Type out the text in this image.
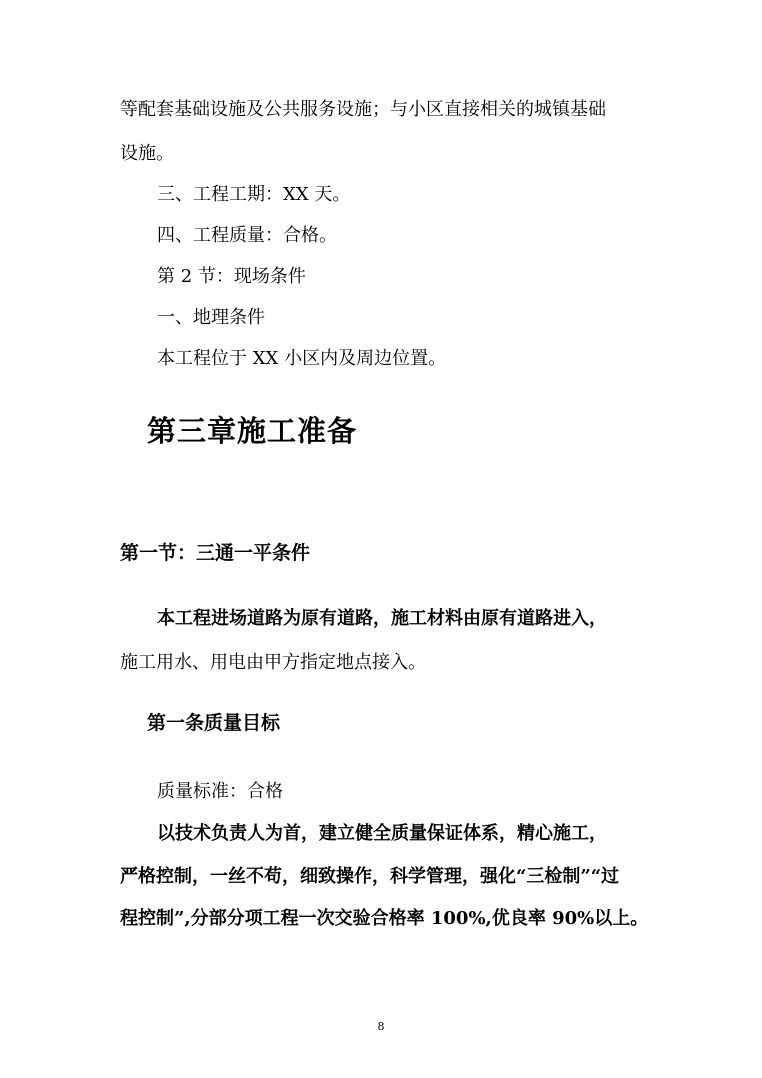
等配套基础设施及公共服务设施；与小区直接相关的城镇基础
设施。
三、工程工期：XX 天。
四、工程质量：合格。
第 2 节：现场条件
一、地理条件
本工程位于 XX 小区内及周边位置。
第三章施工准备
第一节：三通一平条件
本工程进场道路为原有道路，施工材料由原有道路进入，
施工用水、用电由甲方指定地点接入。
第一条质量目标
质量标准：合格
以技术负责人为首，建立健全质量保证体系，精心施工，
严格控制，一丝不苟，细致操作，科学管理，强化“三检制”“过
程控制”,分部分项工程一次交验合格率 100%,优良率 90%以上。
8
